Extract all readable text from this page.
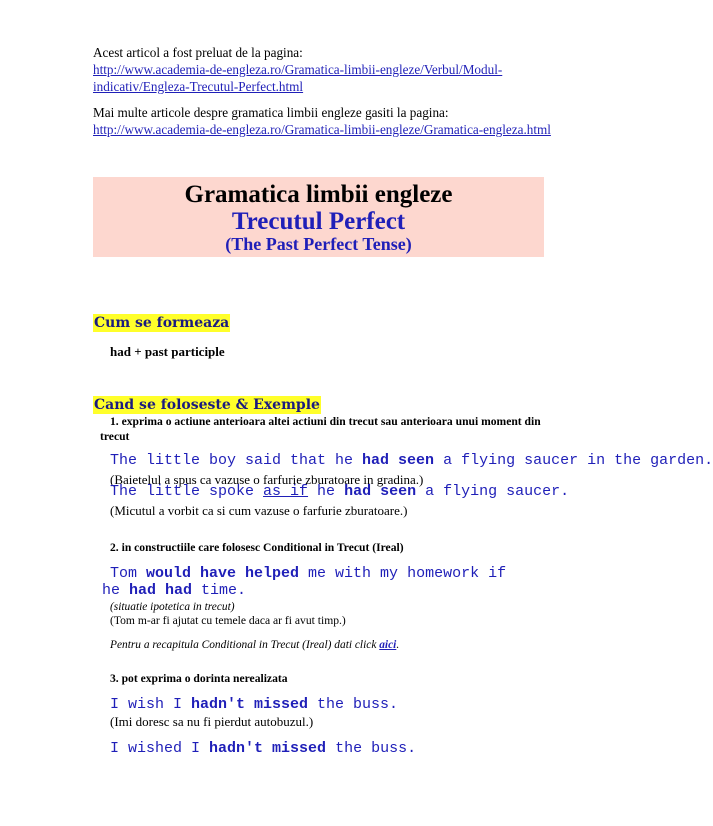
Acest articol a fost preluat de la pagina:
http://www.academia-de-engleza.ro/Gramatica-limbii-engleze/Verbul/Modul-
indicativ/Engleza-Trecutul-Perfect.html
Mai multe articole despre gramatica limbii engleze gasiti la pagina:
http://www.academia-de-engleza.ro/Gramatica-limbii-engleze/Gramatica-engleza.html
Gramatica limbii engleze
Trecutul Perfect
(The Past Perfect Tense)
Cum se formeaza
had + past participle
Cand se foloseste & Exemple
1. exprima o actiune anterioara altei actiuni din trecut sau anterioara unui moment din
trecut
The little boy said that he had seen a flying saucer in the garden.
(Baietelul a spus ca vazuse o farfurie zburatoare in gradina.)
The little spoke as if he had seen a flying saucer.
(Micutul a vorbit ca si cum vazuse o farfurie zburatoare.)
2. in constructiile care folosesc Conditional in Trecut (Ireal)
Tom would have helped me with my homework if
he had had time.
(situatie ipotetica in trecut)
(Tom m-ar fi ajutat cu temele daca ar fi avut timp.)
Pentru a recapitula Conditional in Trecut (Ireal) dati click aici.
3. pot exprima o dorinta nerealizata
I wish I hadn't missed the buss.
(Imi doresc sa nu fi pierdut autobuzul.)
I wished I hadn't missed the buss.
